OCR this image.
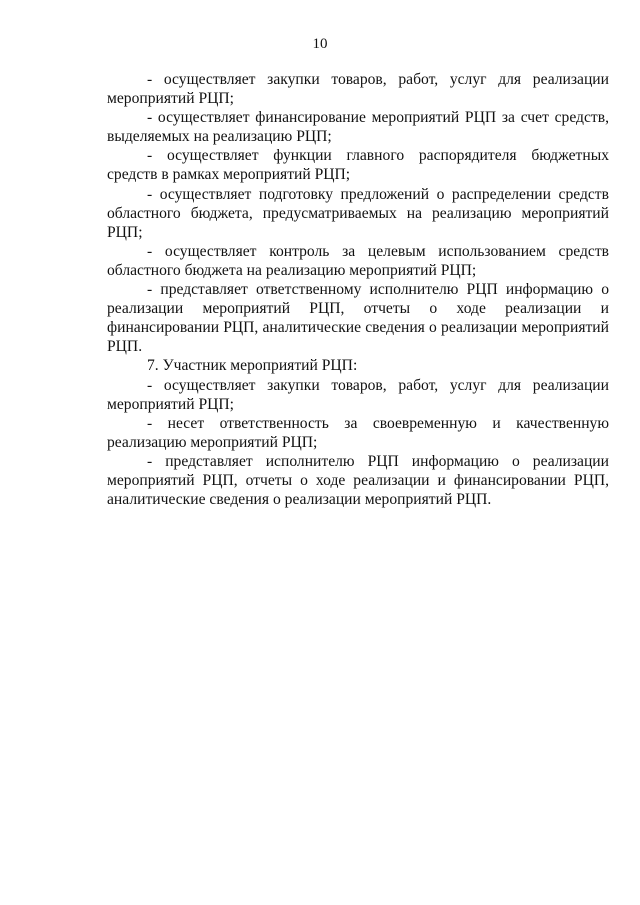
10

- осуществляет закупки товаров, работ, услуг для реализации мероприятий РЦП;

- осуществляет финансирование мероприятий РЦП за счет средств, выделяемых на реализацию РЦП;

- осуществляет функции главного распорядителя бюджетных средств в рамках мероприятий РЦП;

- осуществляет подготовку предложений о распределении средств областного бюджета, предусматриваемых на реализацию мероприятий РЦП;

- осуществляет контроль за целевым использованием средств областного бюджета на реализацию мероприятий РЦП;

- представляет ответственному исполнителю РЦП информацию о реализации мероприятий РЦП, отчеты о ходе реализации и финансировании РЦП, аналитические сведения о реализации мероприятий РЦП.

7. Участник мероприятий РЦП:

- осуществляет закупки товаров, работ, услуг для реализации мероприятий РЦП;

- несет ответственность за своевременную и качественную реализацию мероприятий РЦП;

- представляет исполнителю РЦП информацию о реализации мероприятий РЦП, отчеты о ходе реализации и финансировании РЦП, аналитические сведения о реализации мероприятий РЦП.
